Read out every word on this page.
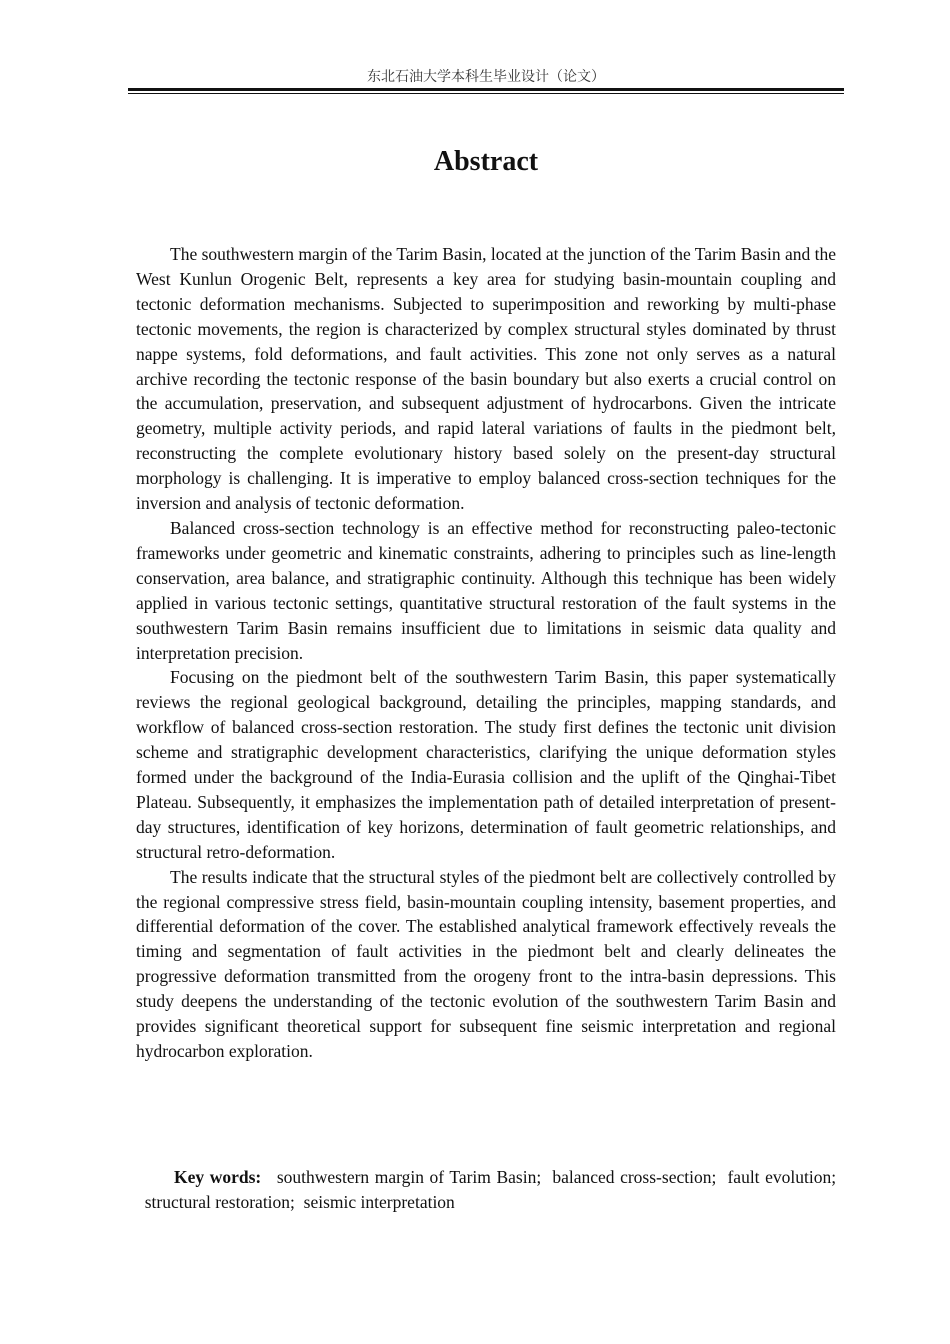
东北石油大学本科生毕业设计（论文）
Abstract

The southwestern margin of the Tarim Basin, located at the junction of the Tarim Basin and the West Kunlun Orogenic Belt, represents a key area for studying basin-mountain coupling and tectonic deformation mechanisms. Subjected to superimposition and reworking by multi-phase tectonic movements, the region is characterized by complex structural styles dominated by thrust nappe systems, fold deformations, and fault activities. This zone not only serves as a natural archive recording the tectonic response of the basin boundary but also exerts a crucial control on the accumulation, preservation, and subsequent adjustment of hydrocarbons. Given the intricate geometry, multiple activity periods, and rapid lateral variations of faults in the piedmont belt, reconstructing the complete evolutionary history based solely on the present-day structural morphology is challenging. It is imperative to employ balanced cross-section techniques for the inversion and analysis of tectonic deformation.

Balanced cross-section technology is an effective method for reconstructing paleo-tectonic frameworks under geometric and kinematic constraints, adhering to principles such as line-length conservation, area balance, and stratigraphic continuity. Although this technique has been widely applied in various tectonic settings, quantitative structural restoration of the fault systems in the southwestern Tarim Basin remains insufficient due to limitations in seismic data quality and interpretation precision.

Focusing on the piedmont belt of the southwestern Tarim Basin, this paper systematically reviews the regional geological background, detailing the principles, mapping standards, and workflow of balanced cross-section restoration. The study first defines the tectonic unit division scheme and stratigraphic development characteristics, clarifying the unique deformation styles formed under the background of the India-Eurasia collision and the uplift of the Qinghai-Tibet Plateau. Subsequently, it emphasizes the implementation path of detailed interpretation of present-day structures, identification of key horizons, determination of fault geometric relationships, and structural retro-deformation.

The results indicate that the structural styles of the piedmont belt are collectively controlled by the regional compressive stress field, basin-mountain coupling intensity, basement properties, and differential deformation of the cover. The established analytical framework effectively reveals the timing and segmentation of fault activities in the piedmont belt and clearly delineates the progressive deformation transmitted from the orogeny front to the intra-basin depressions. This study deepens the understanding of the tectonic evolution of the southwestern Tarim Basin and provides significant theoretical support for subsequent fine seismic interpretation and regional hydrocarbon exploration.

Key words: southwestern margin of Tarim Basin; balanced cross-section; fault evolution;  structural restoration; seismic interpretation
